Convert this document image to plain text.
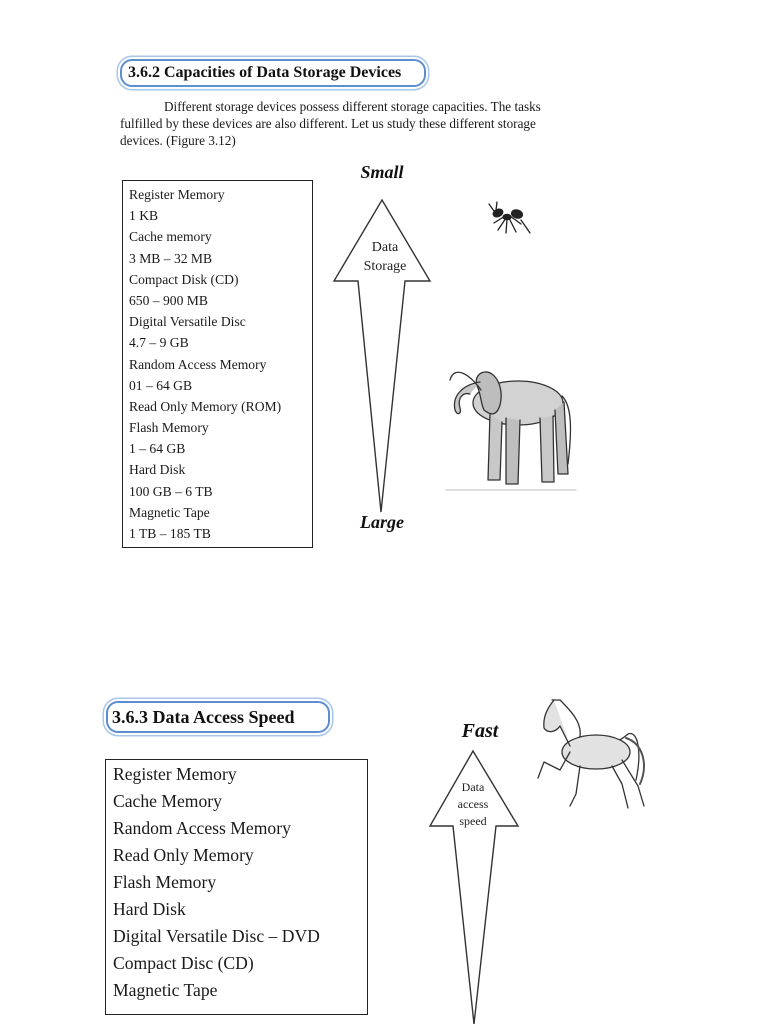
3.6.2 Capacities of Data Storage Devices
Different storage devices possess different storage capacities. The tasks
fulfilled by these devices are also different. Let us study these different storage
devices. (Figure 3.12)
Register Memory
1 KB
Cache memory
3 MB – 32 MB
Compact Disk (CD)
650 – 900 MB
Digital Versatile Disc
4.7 – 9 GB
Random Access Memory
01 – 64 GB
Read Only Memory (ROM)
Flash Memory
1 – 64 GB
Hard Disk
100 GB – 6 TB
Magnetic Tape
1 TB – 185 TB
Small
Large
3.6.3 Data Access Speed
Register Memory
Cache Memory
Random Access Memory
Read Only Memory
Flash Memory
Hard Disk
Digital Versatile Disc – DVD
Compact Disc (CD)
Magnetic Tape
Fast
Data
Storage
Data
access
speed
